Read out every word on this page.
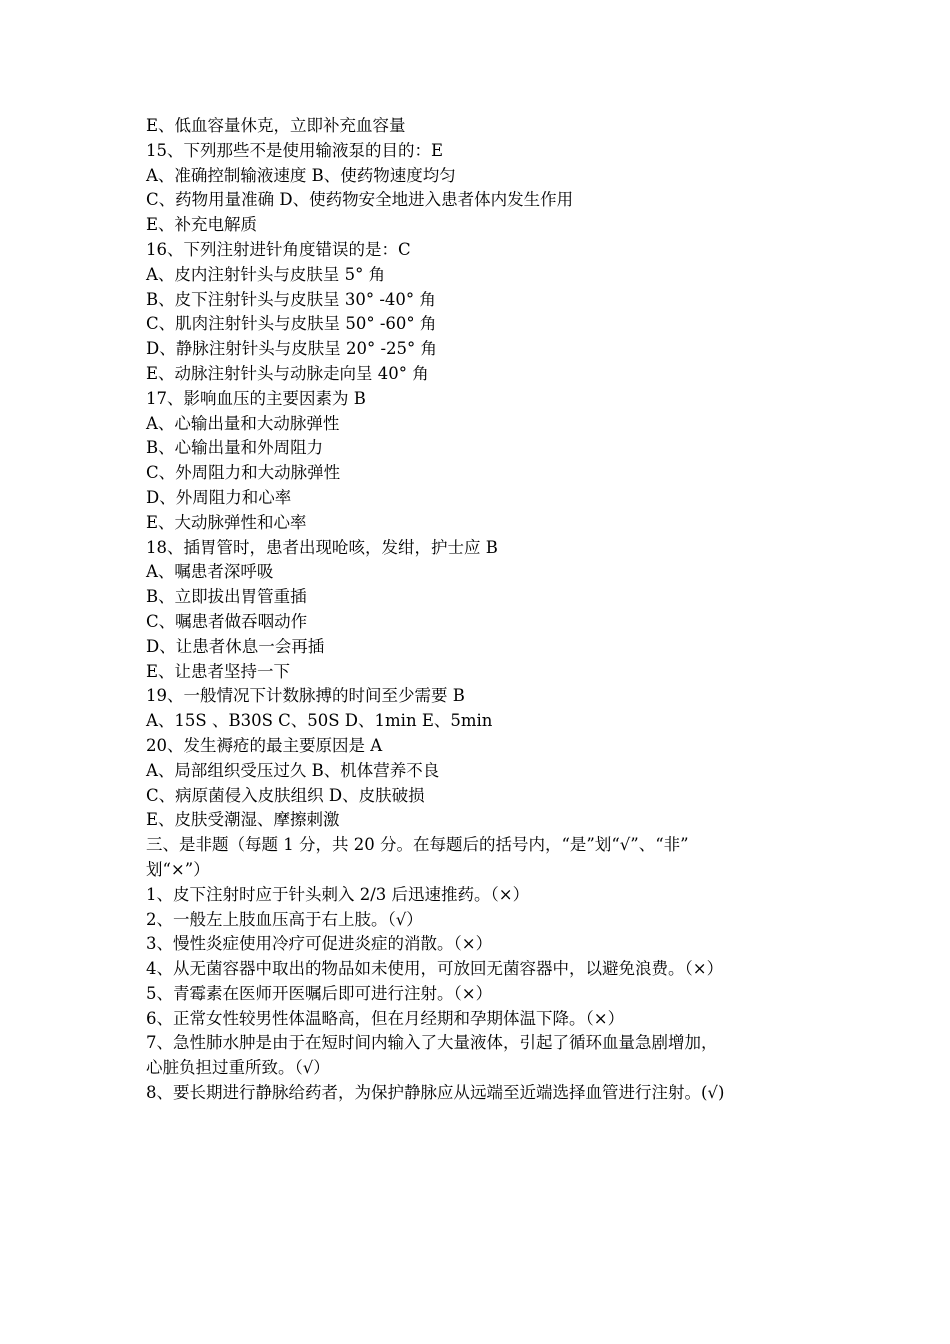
E、低血容量休克，立即补充血容量
15、下列那些不是使用输液泵的目的：E
A、准确控制输液速度 B、使药物速度均匀
C、药物用量准确 D、使药物安全地进入患者体内发生作用
E、补充电解质
16、下列注射进针角度错误的是：C
A、皮内注射针头与皮肤呈 5° 角
B、皮下注射针头与皮肤呈 30° -40° 角
C、肌肉注射针头与皮肤呈 50° -60° 角
D、静脉注射针头与皮肤呈 20° -25° 角
E、动脉注射针头与动脉走向呈 40° 角
17、影响血压的主要因素为 B
A、心输出量和大动脉弹性
B、心输出量和外周阻力
C、外周阻力和大动脉弹性
D、外周阻力和心率
E、大动脉弹性和心率
18、插胃管时，患者出现呛咳，发绀，护士应 B
A、嘱患者深呼吸
B、立即拔出胃管重插
C、嘱患者做吞咽动作
D、让患者休息一会再插
E、让患者坚持一下
19、一般情况下计数脉搏的时间至少需要 B
A、15S 、B30S C、50S D、1min E、5min
20、发生褥疮的最主要原因是 A
A、局部组织受压过久 B、机体营养不良
C、病原菌侵入皮肤组织 D、皮肤破损
E、皮肤受潮湿、摩擦刺激
三、是非题（每题 1 分，共 20 分。在每题后的括号内，“是”划“√”、“非”
划“×”）
1、皮下注射时应于针头刺入 2/3 后迅速推药。（×）
2、一般左上肢血压高于右上肢。（√）
3、慢性炎症使用冷疗可促进炎症的消散。（×）
4、从无菌容器中取出的物品如未使用，可放回无菌容器中，以避免浪费。（×）
5、青霉素在医师开医嘱后即可进行注射。（×）
6、正常女性较男性体温略高，但在月经期和孕期体温下降。（×）
7、急性肺水肿是由于在短时间内输入了大量液体，引起了循环血量急剧增加，
心脏负担过重所致。（√）
8、要长期进行静脉给药者，为保护静脉应从远端至近端选择血管进行注射。(√)
